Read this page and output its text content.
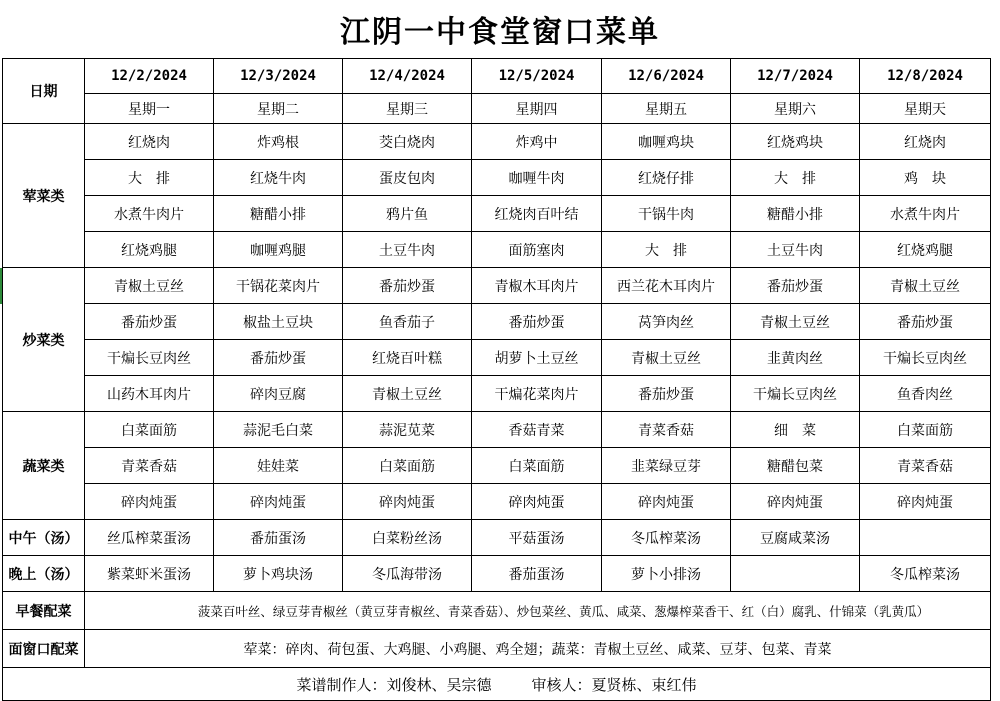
江阴一中食堂窗口菜单
日期	12/2/2024	12/3/2024	12/4/2024	12/5/2024	12/6/2024	12/7/2024	12/8/2024
	星期一	星期二	星期三	星期四	星期五	星期六	星期天
荤菜类	红烧肉	炸鸡根	茭白烧肉	炸鸡中	咖喱鸡块	红烧鸡块	红烧肉
	大　排	红烧牛肉	蛋皮包肉	咖喱牛肉	红烧仔排	大　排	鸡　块
	水煮牛肉片	糖醋小排	鸦片鱼	红烧肉百叶结	干锅牛肉	糖醋小排	水煮牛肉片
	红烧鸡腿	咖喱鸡腿	土豆牛肉	面筋塞肉	大　排	土豆牛肉	红烧鸡腿
炒菜类	青椒土豆丝	干锅花菜肉片	番茄炒蛋	青椒木耳肉片	西兰花木耳肉片	番茄炒蛋	青椒土豆丝
	番茄炒蛋	椒盐土豆块	鱼香茄子	番茄炒蛋	莴笋肉丝	青椒土豆丝	番茄炒蛋
	干煸长豆肉丝	番茄炒蛋	红烧百叶糕	胡萝卜土豆丝	青椒土豆丝	韭黄肉丝	干煸长豆肉丝
	山药木耳肉片	碎肉豆腐	青椒土豆丝	干煸花菜肉片	番茄炒蛋	干煸长豆肉丝	鱼香肉丝
蔬菜类	白菜面筋	蒜泥毛白菜	蒜泥苋菜	香菇青菜	青菜香菇	细　菜	白菜面筋
	青菜香菇	娃娃菜	白菜面筋	白菜面筋	韭菜绿豆芽	糖醋包菜	青菜香菇
	碎肉炖蛋	碎肉炖蛋	碎肉炖蛋	碎肉炖蛋	碎肉炖蛋	碎肉炖蛋	碎肉炖蛋
中午（汤）	丝瓜榨菜蛋汤	番茄蛋汤	白菜粉丝汤	平菇蛋汤	冬瓜榨菜汤	豆腐咸菜汤	
晚上（汤）	紫菜虾米蛋汤	萝卜鸡块汤	冬瓜海带汤	番茄蛋汤	萝卜小排汤		冬瓜榨菜汤
早餐配菜	菠菜百叶丝、绿豆芽青椒丝（黄豆芽青椒丝、青菜香菇）、炒包菜丝、黄瓜、咸菜、葱爆榨菜香干、红（白）腐乳、什锦菜（乳黄瓜）						
面窗口配菜	荤菜：碎肉、荷包蛋、大鸡腿、小鸡腿、鸡全翅；蔬菜：青椒土豆丝、咸菜、豆芽、包菜、青菜						
菜谱制作人：刘俊林、吴宗德 审核人：夏贤栋、束红伟							
